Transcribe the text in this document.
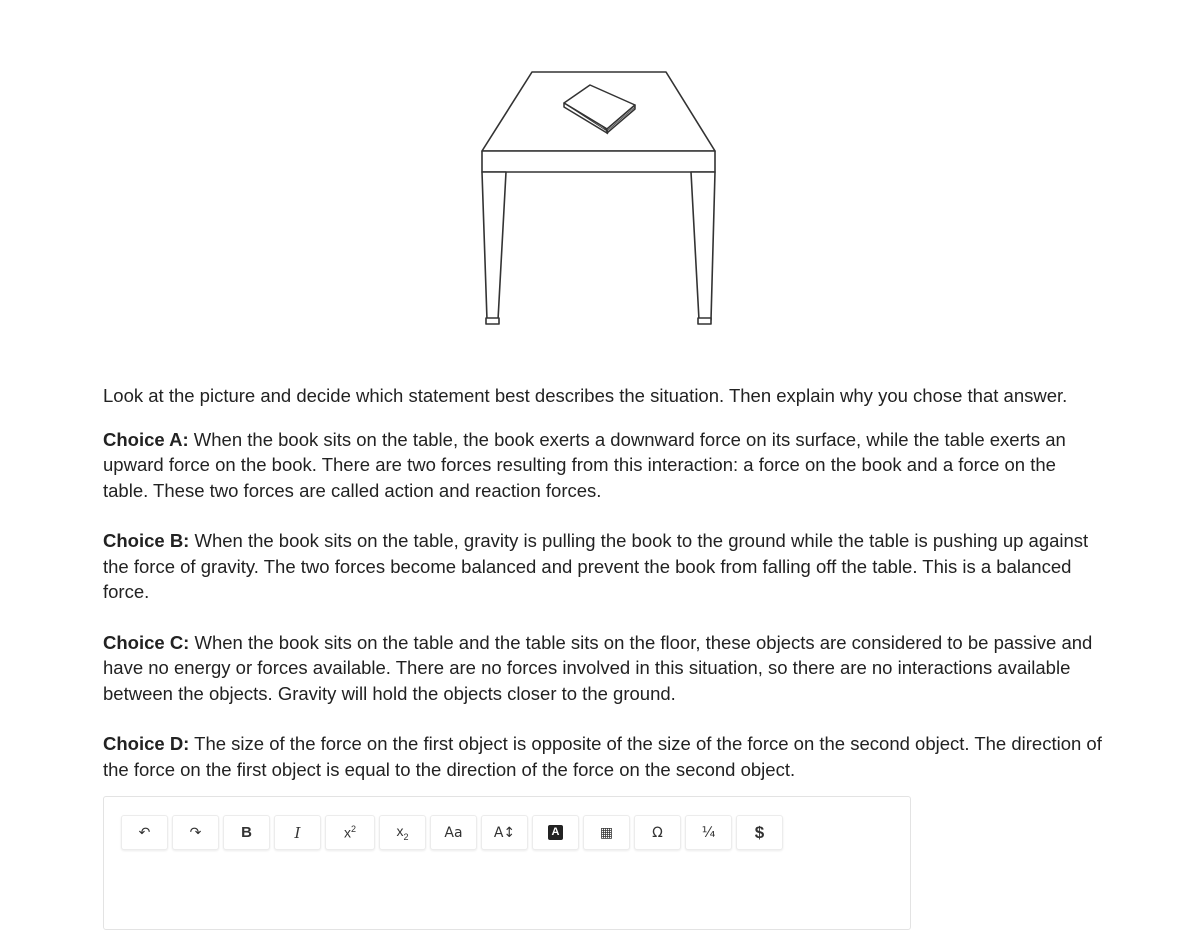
Look at the picture and decide which statement best describes the situation. Then explain why you chose that answer.

Choice A: When the book sits on the table, the book exerts a downward force on its surface, while the table exerts an upward force on the book. There are two forces resulting from this interaction: a force on the book and a force on the table. These two forces are called action and reaction forces.

Choice B: When the book sits on the table, gravity is pulling the book to the ground while the table is pushing up against the force of gravity. The two forces become balanced and prevent the book from falling off the table. This is a balanced force.

Choice C: When the book sits on the table and the table sits on the floor, these objects are considered to be passive and have no energy or forces available. There are no forces involved in this situation, so there are no interactions available between the objects. Gravity will hold the objects closer to the ground.

Choice D: The size of the force on the first object is opposite of the size of the force on the second object. The direction of the force on the first object is equal to the direction of the force on the second object.

↶	↷	B	I	$x^2$	$x_2$	Aa A↕	A	▦	Ω	¼ $
